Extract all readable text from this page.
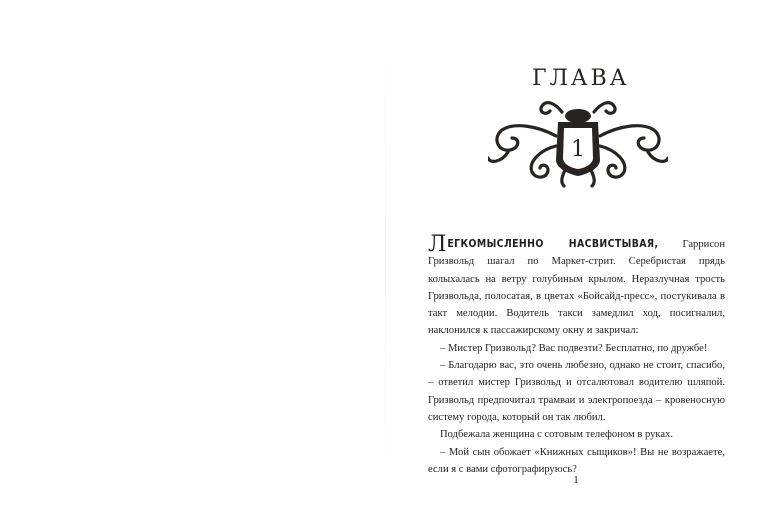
ГЛАВА
1

ЛЕГКОМЫСЛЕННО НАСВИСТЫВАЯ, Гаррисон Гризвольд шагал по Маркет-стрит. Серебристая прядь колыхалась на ветру голубиным крылом. Неразлучная трость Гризвольда, полосатая, в цветах «Бойсайд-пресс», постукивала в такт мелодии. Водитель такси замедлил ход, посигналил, наклонился к пассажирскому окну и закричал:

– Мистер Гризвольд? Вас подвезти? Бесплатно, по дружбе!

– Благодарю вас, это очень любезно, однако не стоит, спасибо, – ответил мистер Гризвольд и отсалютовал водителю шляпой. Гризвольд предпочитал трамваи и электропоезда – кровеносную систему города, который он так любил.

Подбежала женщина с сотовым телефоном в руках.

– Мой сын обожает «Книжных сыщиков»! Вы не возражаете, если я с вами сфотографируюсь?

1
